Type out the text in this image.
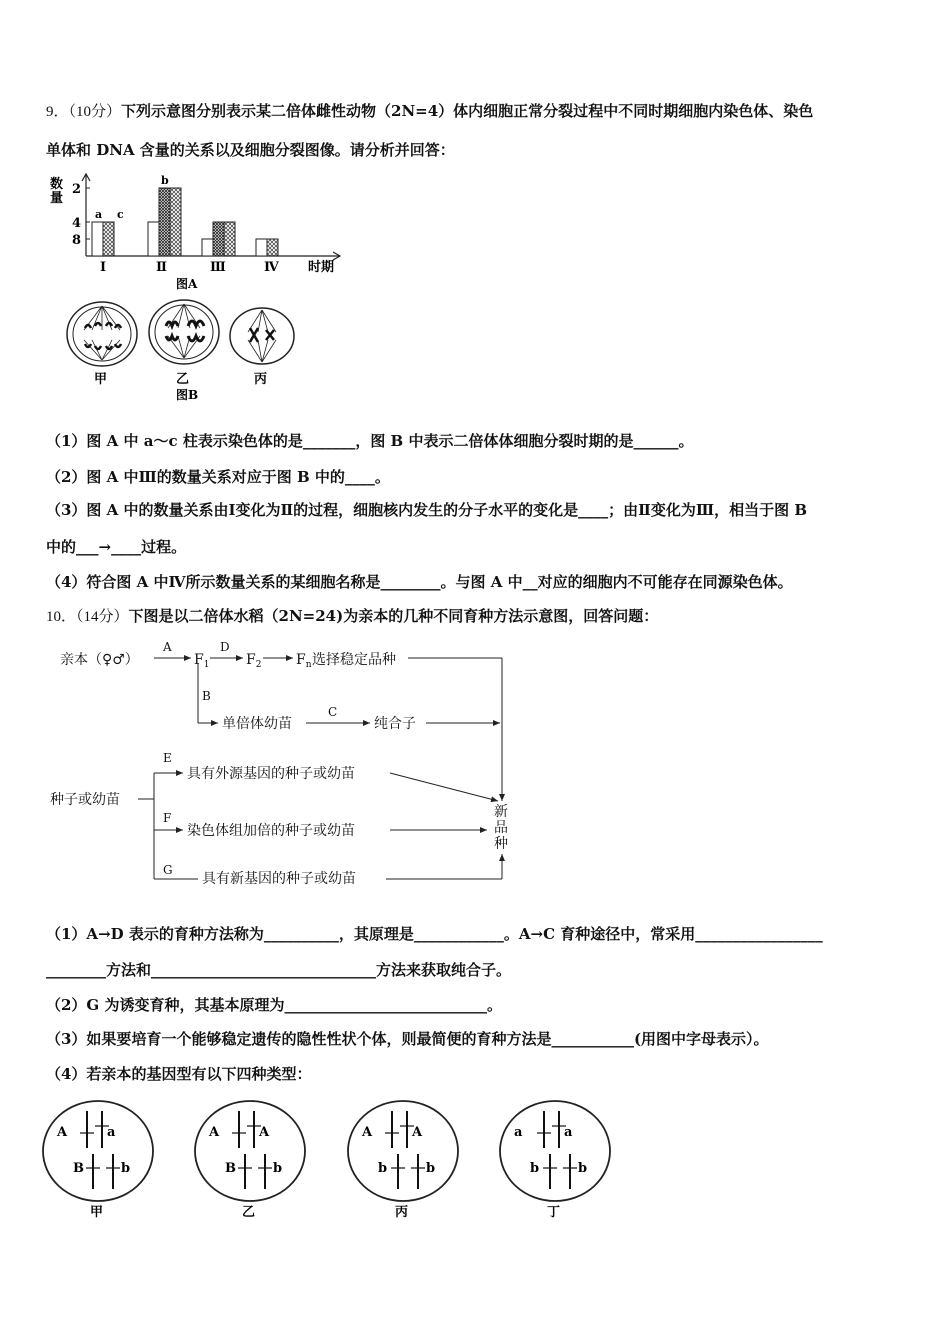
9．（10分）下列示意图分别表示某二倍体雌性动物（2N=4）体内细胞正常分裂过程中不同时期细胞内染色体、染色
单体和 DNA 含量的关系以及细胞分裂图像。请分析并回答：
数
量
8
4
2
Ⅰ	Ⅱ	Ⅲ	Ⅳ
a
b
c
时期
图A
甲	乙	丙
图B
（1）图 A 中 a～c 柱表示染色体的是_______，图 B 中表示二倍体体细胞分裂时期的是______。
（2）图 A 中Ⅲ的数量关系对应于图 B 中的____。
（3）图 A 中的数量关系由Ⅰ变化为Ⅱ的过程，细胞核内发生的分子水平的变化是____；由Ⅱ变化为Ⅲ，相当于图 B
中的___→____过程。
（4）符合图 A 中Ⅳ所示数量关系的某细胞名称是________。与图 A 中__对应的细胞内不可能存在同源染色体。
10．（14分）下图是以二倍体水稻（2N=24)为亲本的几种不同育种方法示意图，回答问题：
亲本（♀♂）
A
$F_1$
D
$F_2$ $F_n$ 选择稳定品种
B
单倍体幼苗
C
纯合子
种子或幼苗
E
具有外源基因的种子或幼苗
F
染色体组加倍的种子或幼苗
G
具有新基因的种子或幼苗
新
品
种
（1）A→D 表示的育种方法称为__________，其原理是____________。A→C 育种途径中，常采用_________________
________方法和______________________________方法来获取纯合子。
（2）G 为诱变育种，其基本原理为___________________________。
（3）如果要培育一个能够稳定遗传的隐性性状个体，则最简便的育种方法是___________(用图中字母表示）。
（4）若亲本的基因型有以下四种类型：
A	a
B	b
甲
A	A
B	b
乙
A	A
b	b
丙
a	a
b	b
丁
